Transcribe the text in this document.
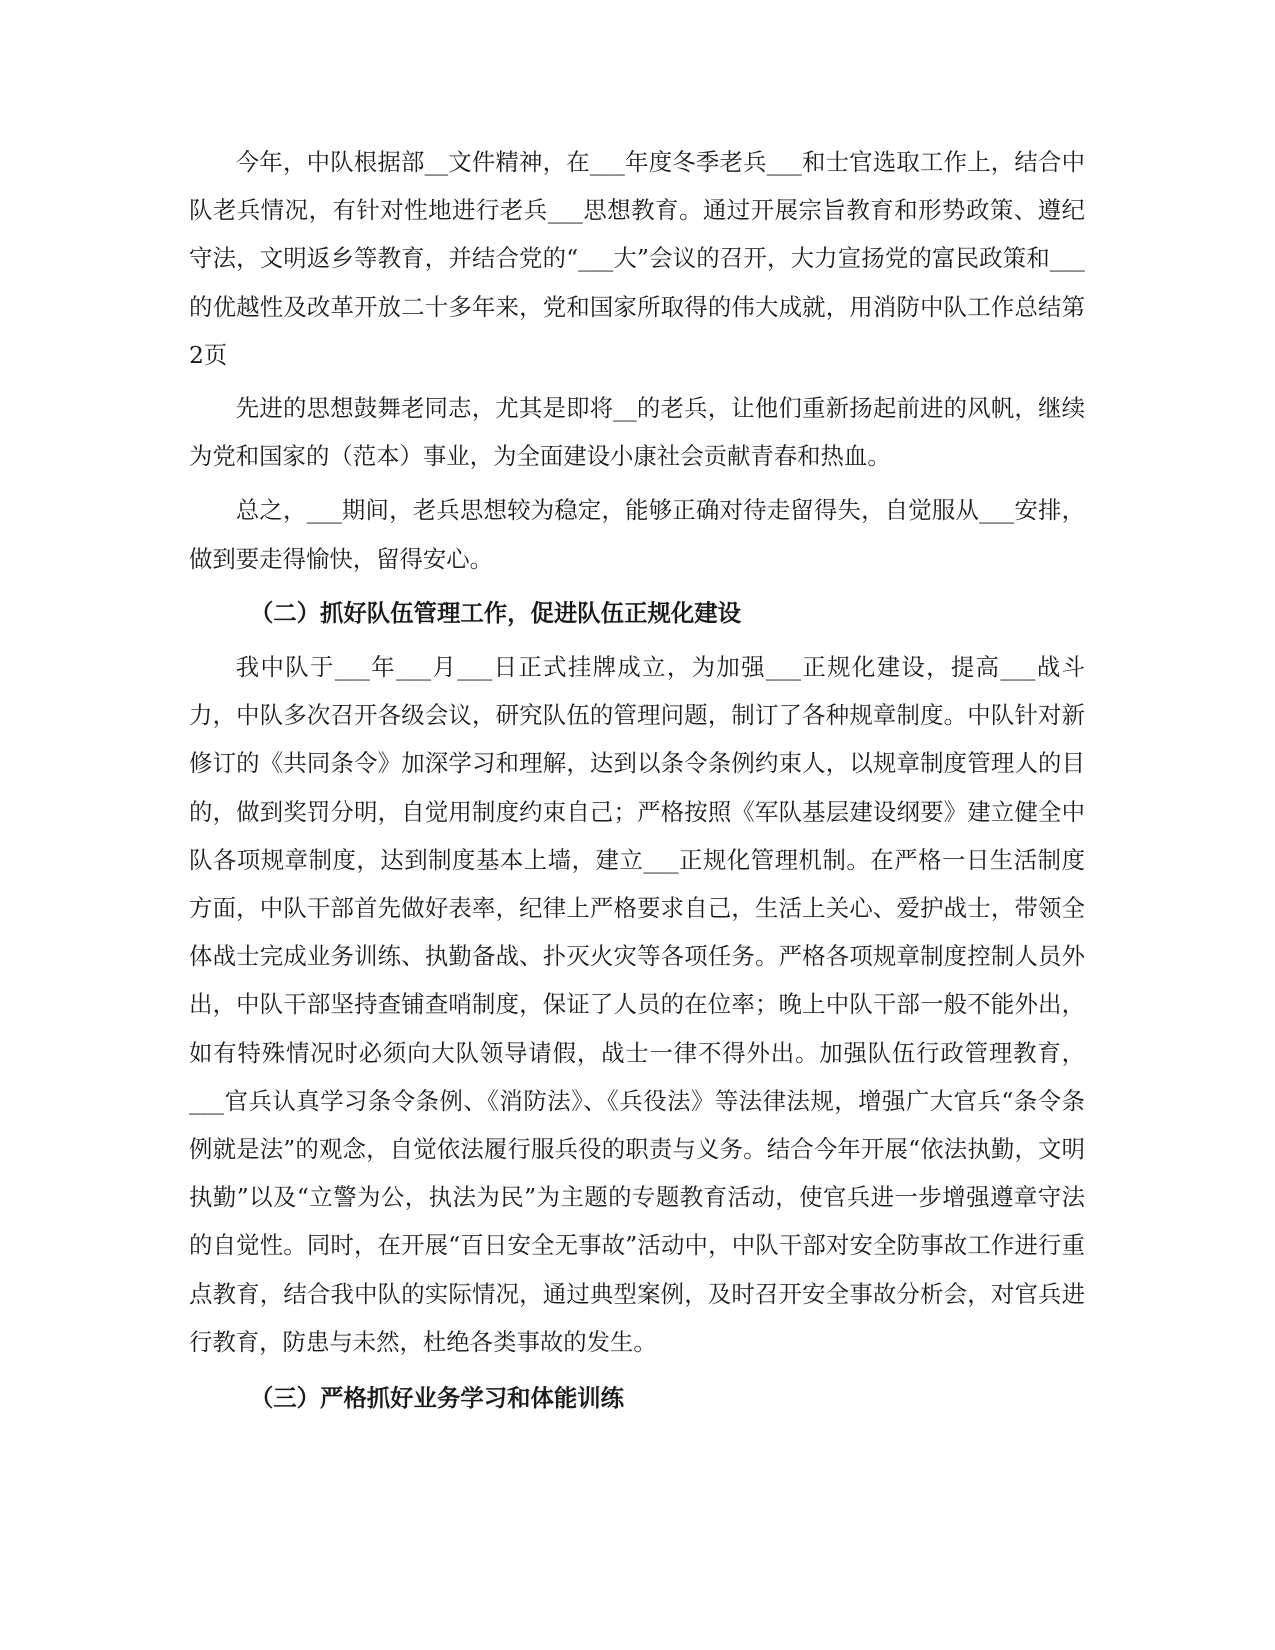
今年，中队根据部__文件精神，在___年度冬季老兵___和士官选取工作上，结合中队老兵情况，有针对性地进行老兵___思想教育。通过开展宗旨教育和形势政策、遵纪守法，文明返乡等教育，并结合党的“___大”会议的召开，大力宣扬党的富民政策和___的优越性及改革开放二十多年来，党和国家所取得的伟大成就，用消防中队工作总结第2页

先进的思想鼓舞老同志，尤其是即将__的老兵，让他们重新扬起前进的风帆，继续为党和国家的（范本）事业，为全面建设小康社会贡献青春和热血。

总之，___期间，老兵思想较为稳定，能够正确对待走留得失，自觉服从___安排，做到要走得愉快，留得安心。

（二）抓好队伍管理工作，促进队伍正规化建设

我中队于___年___月___日正式挂牌成立，为加强___正规化建设，提高___战斗力，中队多次召开各级会议，研究队伍的管理问题，制订了各种规章制度。中队针对新修订的《共同条令》加深学习和理解，达到以条令条例约束人，以规章制度管理人的目的，做到奖罚分明，自觉用制度约束自己；严格按照《军队基层建设纲要》建立健全中队各项规章制度，达到制度基本上墙，建立___正规化管理机制。在严格一日生活制度方面，中队干部首先做好表率，纪律上严格要求自己，生活上关心、爱护战士，带领全体战士完成业务训练、执勤备战、扑灭火灾等各项任务。严格各项规章制度控制人员外出，中队干部坚持查铺查哨制度，保证了人员的在位率；晚上中队干部一般不能外出，如有特殊情况时必须向大队领导请假，战士一律不得外出。加强队伍行政管理教育，___官兵认真学习条令条例、《消防法》、《兵役法》等法律法规，增强广大官兵“条令条例就是法”的观念，自觉依法履行服兵役的职责与义务。结合今年开展“依法执勤，文明执勤”以及“立警为公，执法为民”为主题的专题教育活动，使官兵进一步增强遵章守法的自觉性。同时，在开展“百日安全无事故”活动中，中队干部对安全防事故工作进行重点教育，结合我中队的实际情况，通过典型案例，及时召开安全事故分析会，对官兵进行教育，防患与未然，杜绝各类事故的发生。

（三）严格抓好业务学习和体能训练
